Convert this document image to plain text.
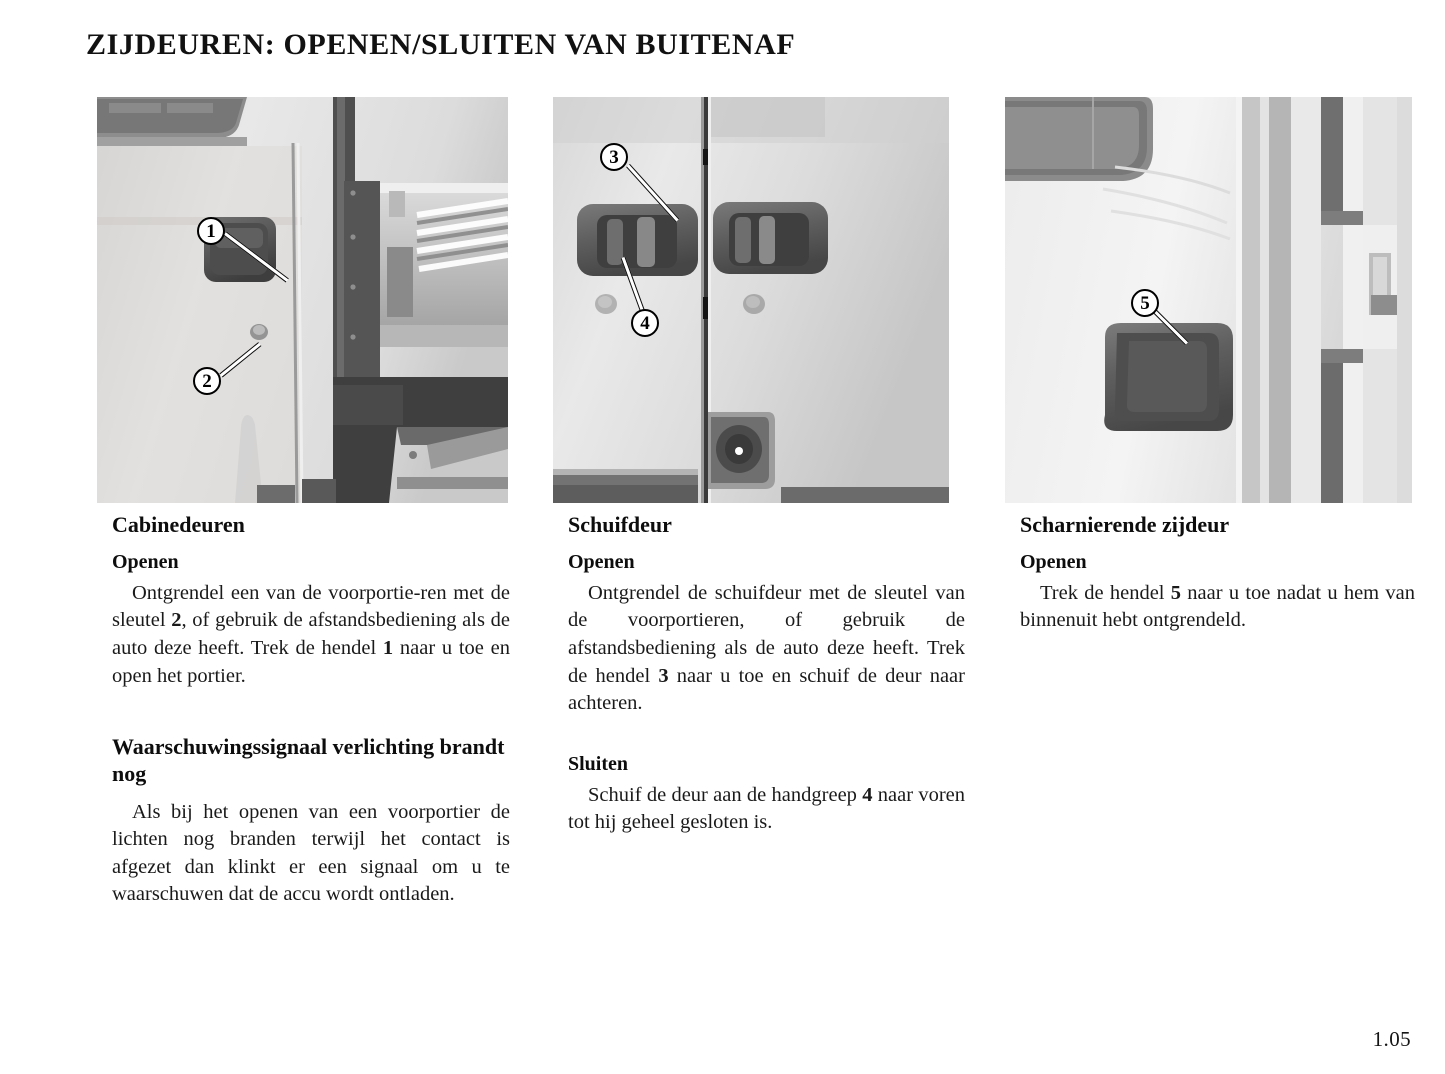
ZIJDEUREN: OPENEN/SLUITEN VAN BUITENAF
1
2
3
4
5
Cabinedeuren
Openen

Ontgrendel een van de voorportie‑ren met de sleutel 2, of gebruik de afstandsbediening als de auto deze heeft. Trek de hendel 1 naar u toe en open het portier.

Waarschuwingssignaal verlichting brandt nog

Als bij het openen van een voorportier de lichten nog branden terwijl het contact is afgezet dan klinkt er een signaal om u te waarschuwen dat de accu wordt ontladen.

Schuifdeur
Openen

Ontgrendel de schuifdeur met de sleutel van de voorportieren, of gebruik de afstandsbediening als de auto deze heeft. Trek de hendel 3 naar u toe en schuif de deur naar achteren.

Sluiten

Schuif de deur aan de handgreep 4 naar voren tot hij geheel gesloten is.

Scharnierende zijdeur
Openen

Trek de hendel 5 naar u toe nadat u hem van binnenuit hebt ontgrendeld.

1.05
